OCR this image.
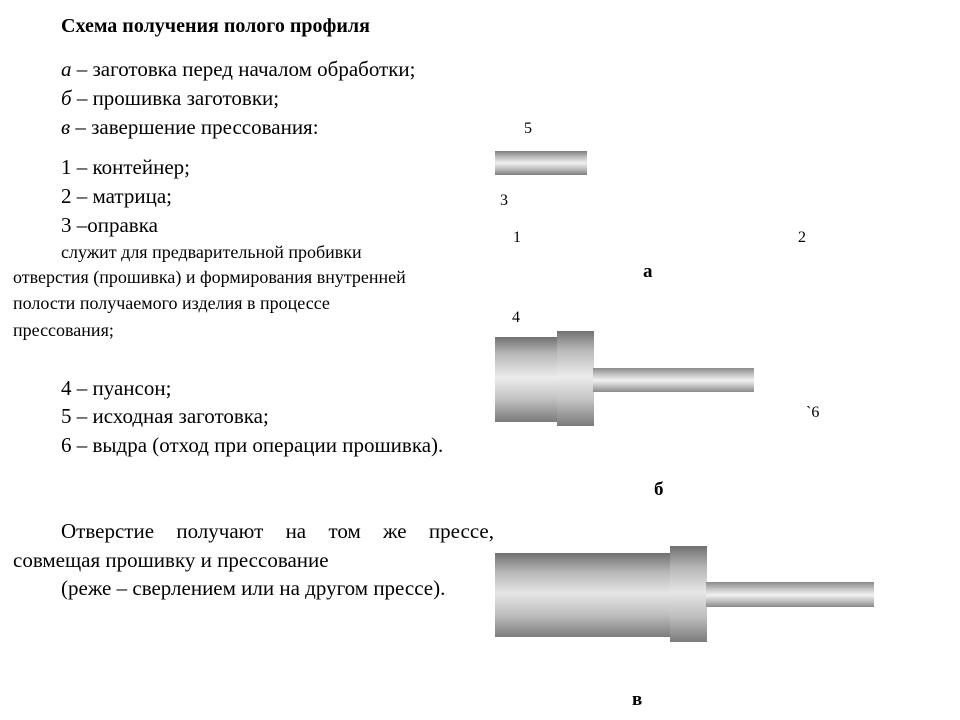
Схема получения полого профиля
а – заготовка перед началом обработки;
б – прошивка заготовки;
в – завершение прессования:
1 – контейнер;
2 – матрица;
3 –оправка
служит для предварительной пробивки
отверстия (прошивка) и формирования внутренней
полости получаемого изделия в процессе
прессования;
4 – пуансон;
5 – исходная заготовка;
6 – выдра (отход при операции прошивка).
Отверстие получают на том же прессе,
совмещая прошивку и прессование
(реже – сверлением или на другом прессе).
5
3
1	2
а
4
`6
б
в
